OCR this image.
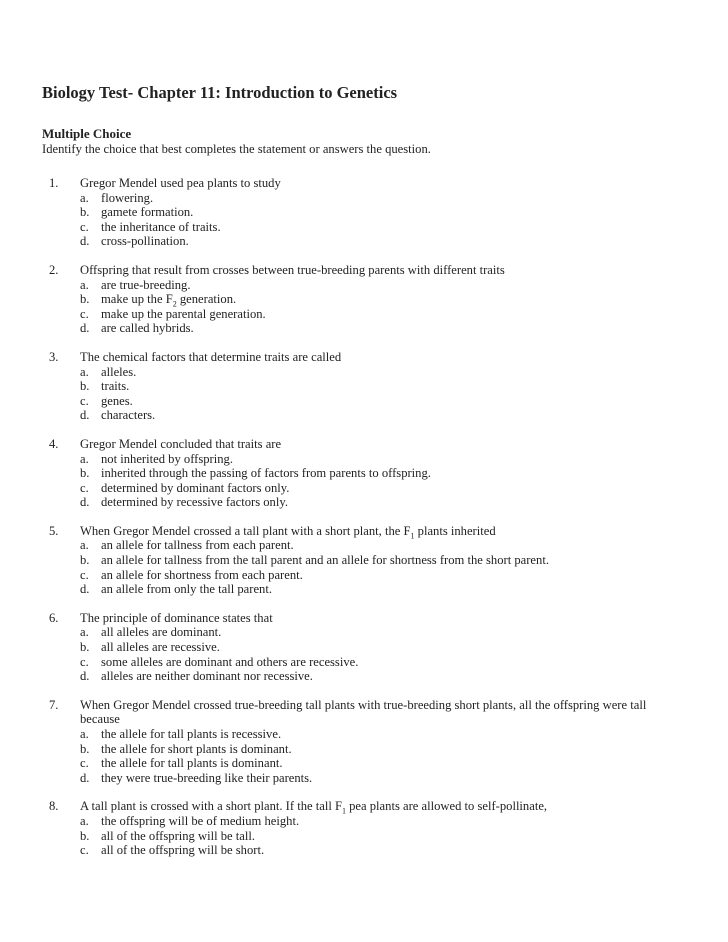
Biology Test- Chapter 11: Introduction to Genetics
Multiple Choice
Identify the choice that best completes the statement or answers the question.
1.	Gregor Mendel used pea plants to study
a. flowering.
b. gamete formation.
c. the inheritance of traits.
d. cross-pollination.
2.	Offspring that result from crosses between true-breeding parents with different traits
a. are true-breeding.
b. make up the $F_2$ generation.
c. make up the parental generation.
d. are called hybrids.
3.	The chemical factors that determine traits are called
a. alleles.
b. traits.
c. genes.
d. characters.
4.	Gregor Mendel concluded that traits are
a. not inherited by offspring.
b. inherited through the passing of factors from parents to offspring.
c. determined by dominant factors only.
d. determined by recessive factors only.
5.	When Gregor Mendel crossed a tall plant with a short plant, the $F_1$ plants inherited
a. an allele for tallness from each parent.
b. an allele for tallness from the tall parent and an allele for shortness from the short parent.
c. an allele for shortness from each parent.
d. an allele from only the tall parent.
6.	The principle of dominance states that
a. all alleles are dominant.
b. all alleles are recessive.
c. some alleles are dominant and others are recessive.
d. alleles are neither dominant nor recessive.
7.	When Gregor Mendel crossed true-breeding tall plants with true-breeding short plants, all the offspring were tall because
a. the allele for tall plants is recessive.
b. the allele for short plants is dominant.
c. the allele for tall plants is dominant.
d. they were true-breeding like their parents.
8.	A tall plant is crossed with a short plant. If the tall $F_1$ pea plants are allowed to self-pollinate,
a. the offspring will be of medium height.
b. all of the offspring will be tall.
c. all of the offspring will be short.
